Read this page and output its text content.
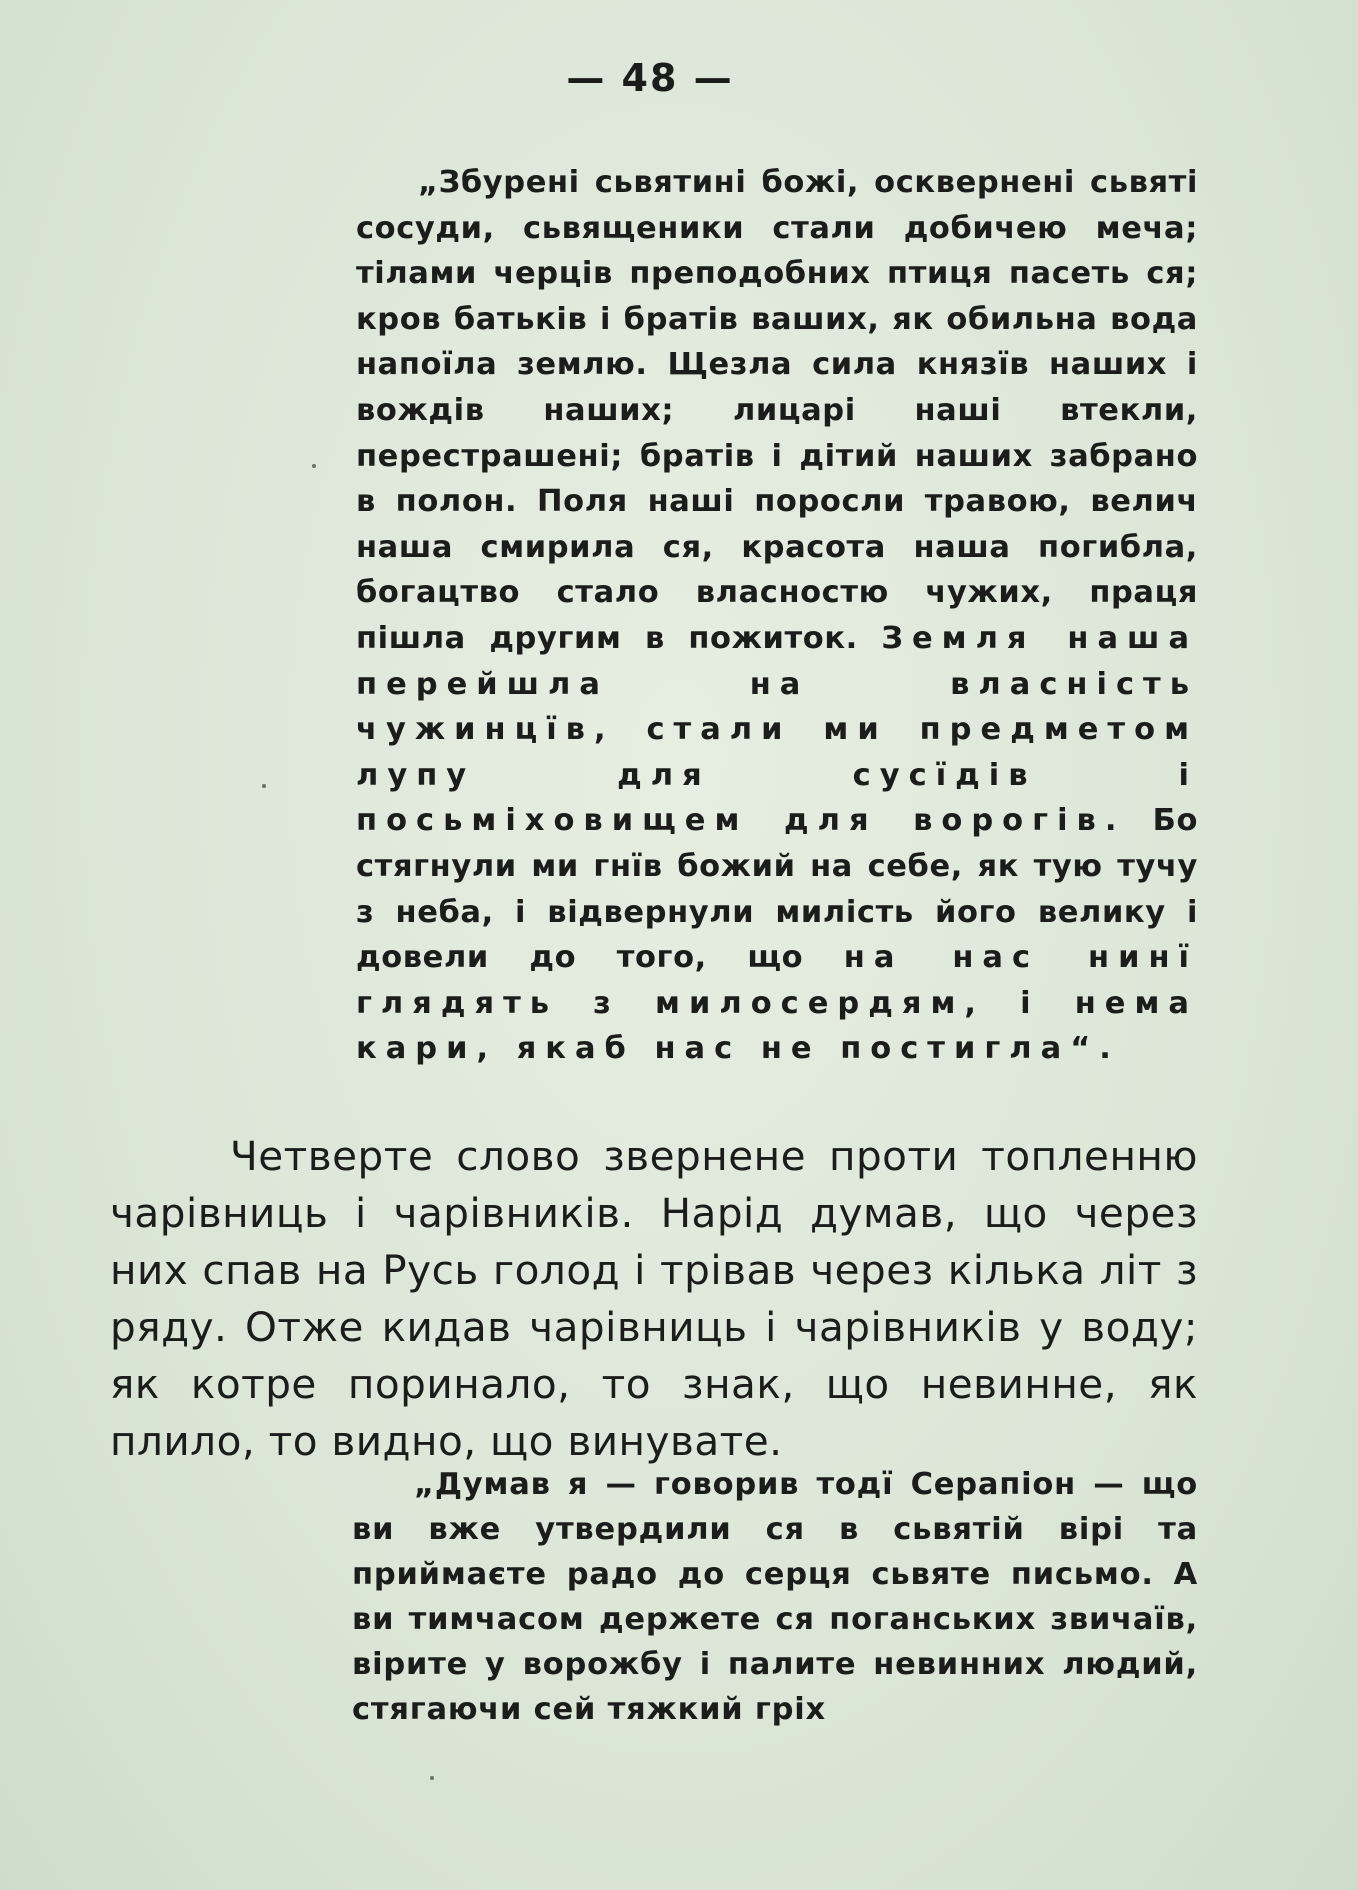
— 48 —

„Збурені сьвятині божі, осквернені сьвяті сосуди, сьвященики стали добичею меча; тілами черців преподобних птиця пасеть ся; кров батьків і братів ваших, як обильна вода напоїла землю. Щезла сила князїв наших і вождів наших; лицарі наші втекли, перестрашені; братів і дітий наших забрано в полон. Поля наші поросли травою, велич наша смирила ся, красота наша погибла, богацтво стало власностю чужих, праця пішла другим в пожиток. Земля наша перейшла на власність чужинцїв, стали ми предметом лупу для сусїдів і посьміховищем для ворогів. Бо стягнули ми гнїв божий на себе, як тую тучу з неба, і відвернули милість його велику і довели до того, що на нас нинї глядять з милосердям, і нема кари, якаб нас не постигла“.

Четверте слово звернене проти топленню чарівниць і чарівників. Нарід думав, що через них спав на Русь голод і трівав через кілька літ з ряду. Отже кидав чарівниць і чарівників у воду; як котре поринало, то знак, що невинне, як плило, то видно, що винувате.

„Думав я — говорив тодї Серапіон — що ви вже утвердили ся в сьвятій вірі та приймаєте радо до серця сьвяте письмо. А ви тимчасом держете ся поганських звичаїв, вірите у ворожбу і палите невинних людий, стягаючи сей тяжкий гріх
